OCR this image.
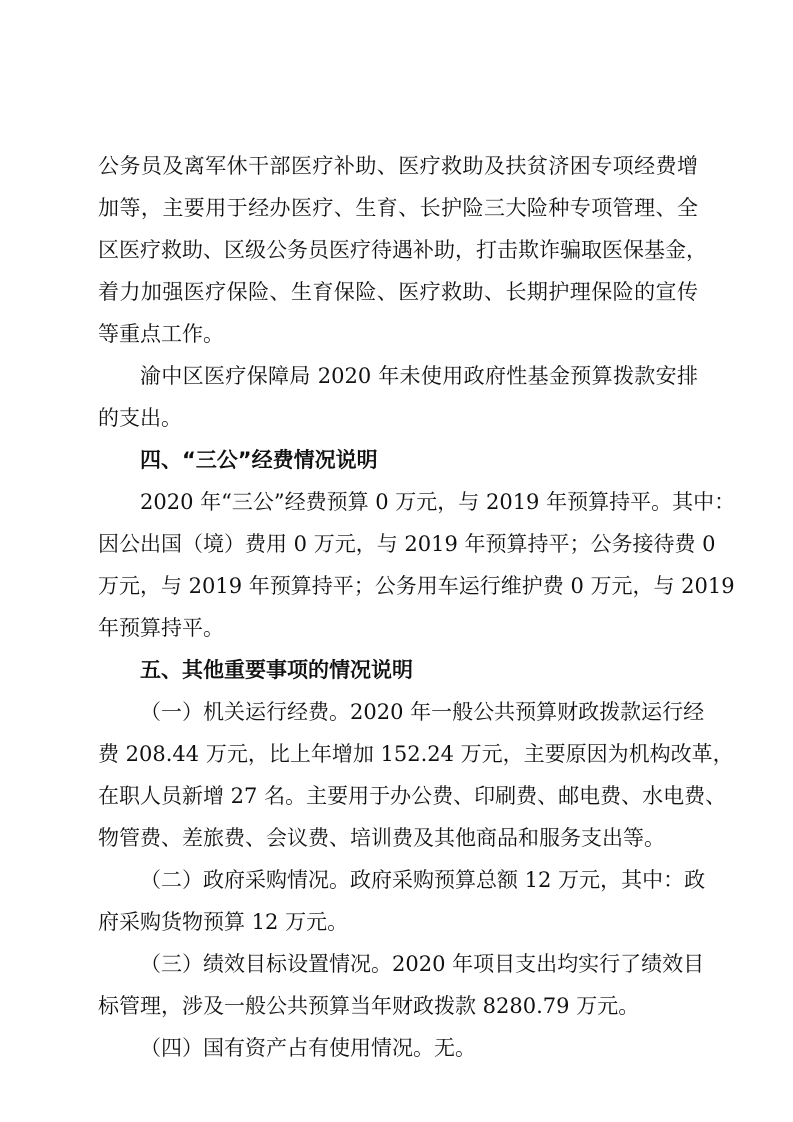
公务员及离军休干部医疗补助、医疗救助及扶贫济困专项经费增
加等，主要用于经办医疗、生育、长护险三大险种专项管理、全
区医疗救助、区级公务员医疗待遇补助，打击欺诈骗取医保基金，
着力加强医疗保险、生育保险、医疗救助、长期护理保险的宣传
等重点工作。
渝中区医疗保障局 2020 年未使用政府性基金预算拨款安排
的支出。
四、“三公”经费情况说明
2020 年“三公”经费预算 0 万元，与 2019 年预算持平。其中：
因公出国（境）费用 0 万元，与 2019 年预算持平；公务接待费 0
万元，与 2019 年预算持平；公务用车运行维护费 0 万元，与 2019
年预算持平。
五、其他重要事项的情况说明
（一）机关运行经费。2020 年一般公共预算财政拨款运行经
费 208.44 万元，比上年增加 152.24 万元，主要原因为机构改革，
在职人员新增 27 名。主要用于办公费、印刷费、邮电费、水电费、
物管费、差旅费、会议费、培训费及其他商品和服务支出等。
（二）政府采购情况。政府采购预算总额 12 万元，其中：政
府采购货物预算 12 万元。
（三）绩效目标设置情况。2020 年项目支出均实行了绩效目
标管理，涉及一般公共预算当年财政拨款 8280.79 万元。
（四）国有资产占有使用情况。无。
